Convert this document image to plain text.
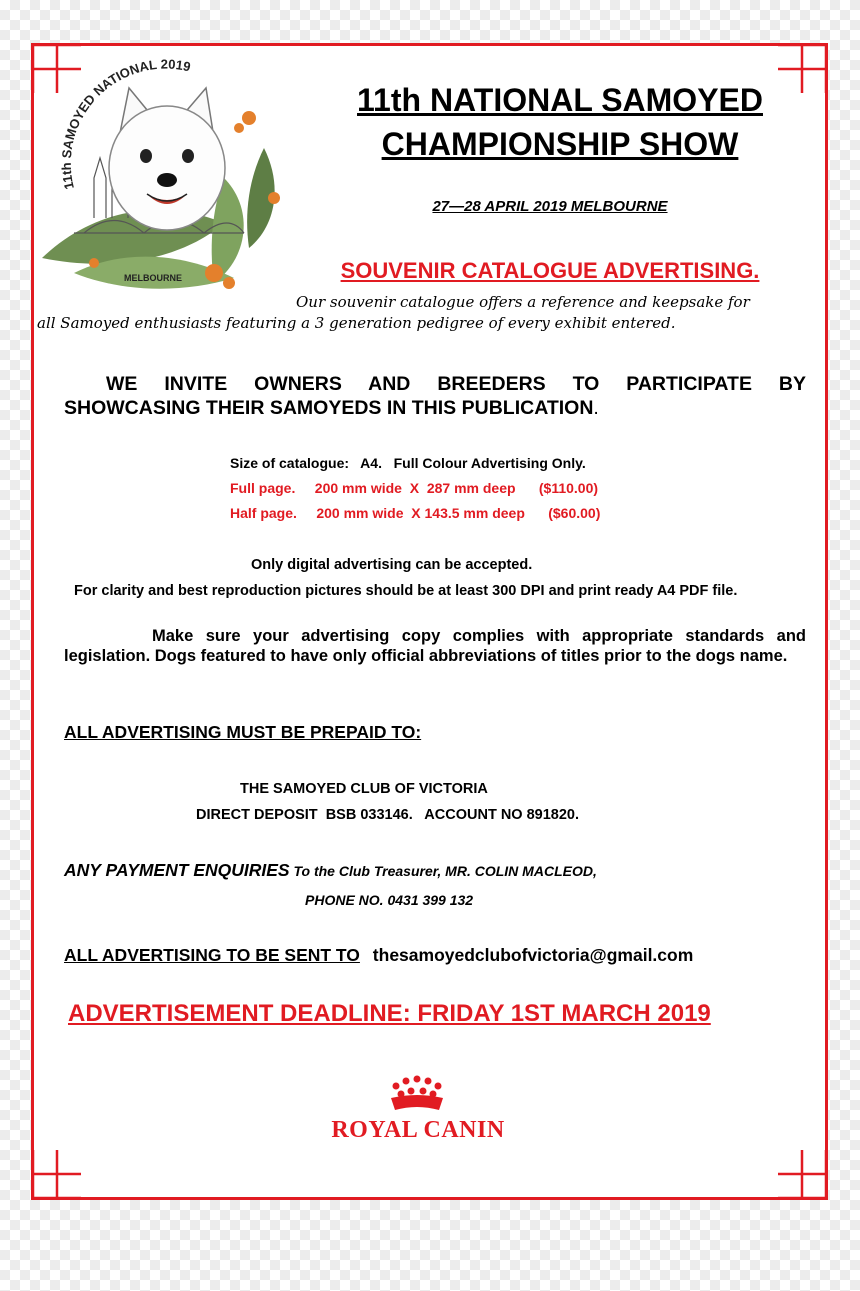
11th SAMOYED NATIONAL 2019
MELBOURNE
11th NATIONAL SAMOYED
CHAMPIONSHIP SHOW
27—28 APRIL 2019 MELBOURNE
SOUVENIR CATALOGUE ADVERTISING.
Our souvenir catalogue offers a reference and keepsake for
all Samoyed enthusiasts featuring a 3 generation pedigree of every exhibit entered.
WE INVITE OWNERS AND BREEDERS TO PARTICIPATE BY
SHOWCASING THEIR SAMOYEDS IN THIS PUBLICATION.
Size of catalogue:   A4.   Full Colour Advertising Only.
Full page.     200 mm wide  X  287 mm deep      ($110.00)
Half page.     200 mm wide  X 143.5 mm deep      ($60.00)
Only digital advertising can be accepted.
For clarity and best reproduction pictures should be at least 300 DPI and print ready A4 PDF file.
Make sure your advertising copy complies with appropriate standards and legislation. Dogs featured to have only official abbreviations of titles prior to the dogs name.
ALL ADVERTISING MUST BE PREPAID TO:
THE SAMOYED CLUB OF VICTORIA
DIRECT DEPOSIT  BSB 033146.   ACCOUNT NO 891820.
ANY PAYMENT ENQUIRIES To the Club Treasurer, MR. COLIN MACLEOD,
PHONE NO. 0431 399 132
ALL ADVERTISING TO BE SENT TO thesamoyedclubofvictoria@gmail.com
ADVERTISEMENT DEADLINE: FRIDAY 1ST MARCH 2019
ROYAL CANIN
